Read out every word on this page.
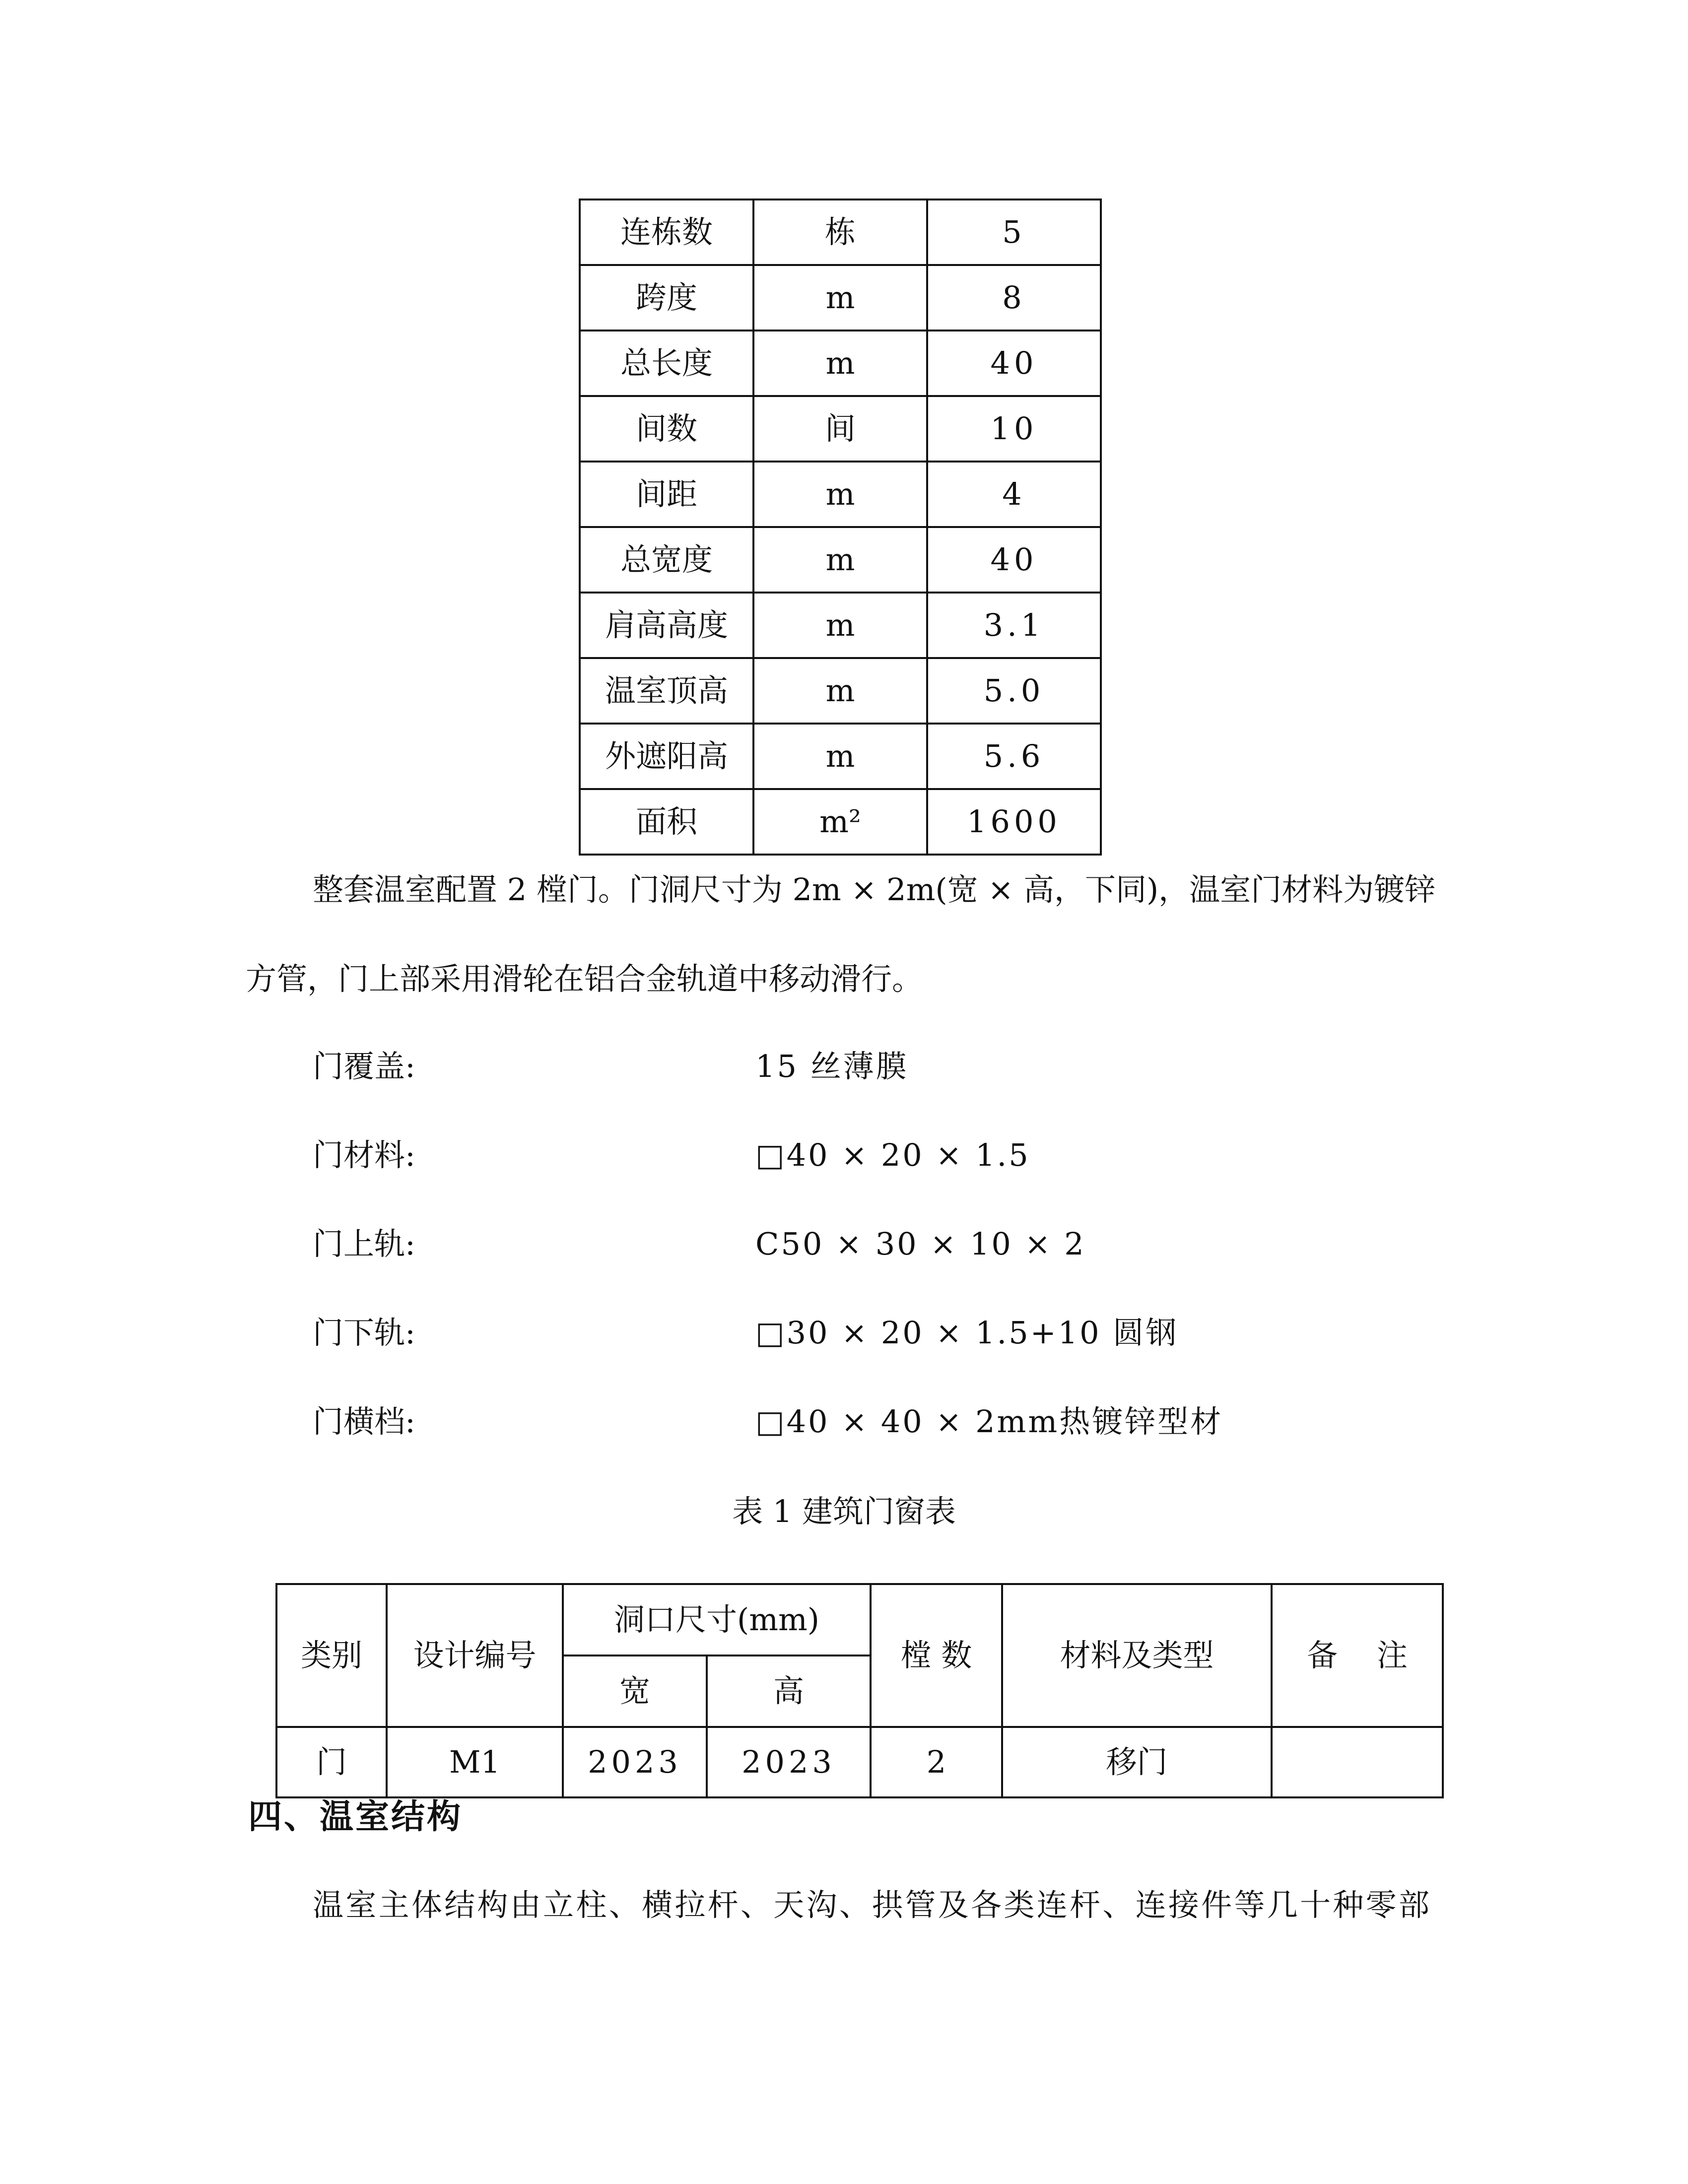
连栋数	栋	5
跨度	m	8
总长度	m	40
间数	间	10
间距	m	4
总宽度	m	40
肩高高度	m	3.1
温室顶高	m	5.0
外遮阳高	m	5.6
面积	m²	1600
整套温室配置 2 樘门。门洞尺寸为 2m × 2m(宽 × 高，下同)，温室门材料为镀锌
方管，门上部采用滑轮在铝合金轨道中移动滑行。
门覆盖:	15 丝薄膜
门材料:	□40 × 20 × 1.5
门上轨:	C50 × 30 × 10 × 2
门下轨:	□30 × 20 × 1.5+10 圆钢
门横档:	□40 × 40 × 2mm热镀锌型材
表 1 建筑门窗表
类别	设计编号	洞口尺寸(mm)		樘 数	材料及类型	备    注
		宽	高			
门	M1	2023	2023	2	移门	
四、温室结构
温室主体结构由立柱、横拉杆、天沟、拱管及各类连杆、连接件等几十种零部
